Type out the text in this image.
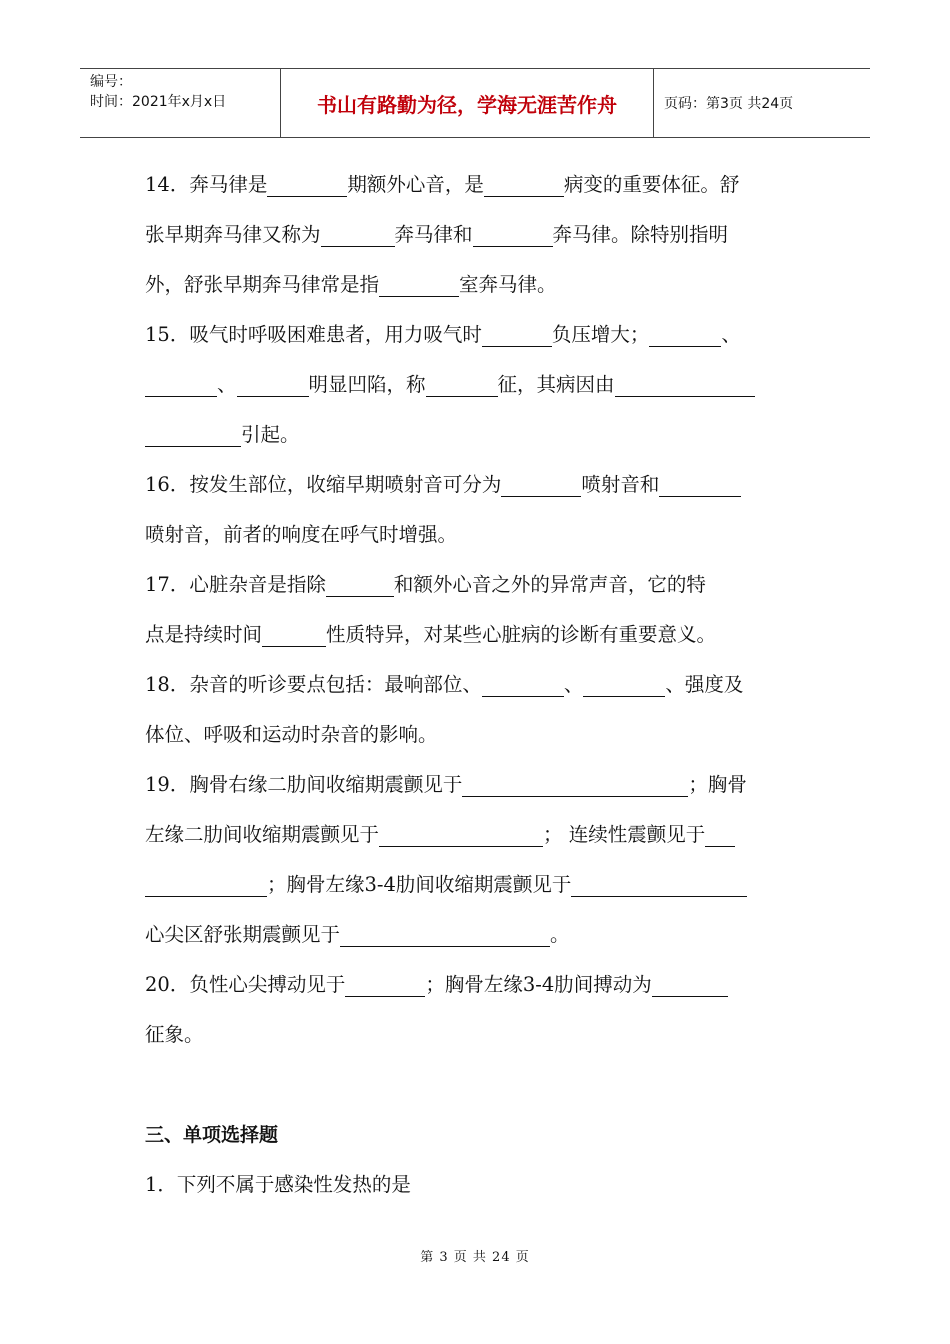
编号：
时间：2021年x月x日	书山有路勤为径，学海无涯苦作舟	页码：第3页 共24页
14．奔马律是	期额外心音，是	病变的重要体征。舒
张早期奔马律又称为	奔马律和	奔马律。除特别指明
外，舒张早期奔马律常是指	室奔马律。
15．吸气时呼吸困难患者，用力吸气时	负压增大；	、
、	明显凹陷，称	征，其病因由
引起。
16．按发生部位，收缩早期喷射音可分为	喷射音和
喷射音，前者的响度在呼气时增强。
17．心脏杂音是指除	和额外心音之外的异常声音，它的特
点是持续时间	性质特异，对某些心脏病的诊断有重要意义。
18．杂音的听诊要点包括：最响部位、	、	、强度及
体位、呼吸和运动时杂音的影响。
19．胸骨右缘二肋间收缩期震颤见于	；胸骨
左缘二肋间收缩期震颤见于	； 连续性震颤见于
；胸骨左缘3-4肋间收缩期震颤见于
心尖区舒张期震颤见于	。
20．负性心尖搏动见于	；胸骨左缘3-4肋间搏动为
征象。
三、单项选择题
1．下列不属于感染性发热的是
第 3 页 共 24 页
